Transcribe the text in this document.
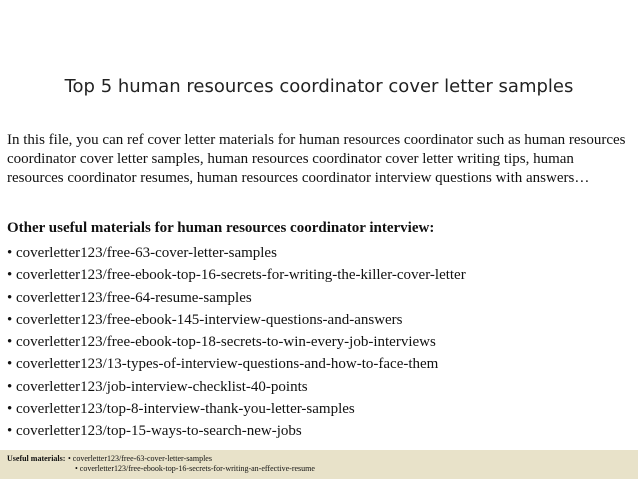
Top 5 human resources coordinator cover letter samples

In this file, you can ref cover letter materials for human resources coordinator such as human resources coordinator cover letter samples, human resources coordinator cover letter writing tips, human resources coordinator resumes, human resources coordinator interview questions with answers…

Other useful materials for human resources coordinator interview:
• coverletter123/free-63-cover-letter-samples
• coverletter123/free-ebook-top-16-secrets-for-writing-the-killer-cover-letter
• coverletter123/free-64-resume-samples
• coverletter123/free-ebook-145-interview-questions-and-answers
• coverletter123/free-ebook-top-18-secrets-to-win-every-job-interviews
• coverletter123/13-types-of-interview-questions-and-how-to-face-them
• coverletter123/job-interview-checklist-40-points
• coverletter123/top-8-interview-thank-you-letter-samples
• coverletter123/top-15-ways-to-search-new-jobs
Useful materials: • coverletter123/free-63-cover-letter-samples
• coverletter123/free-ebook-top-16-secrets-for-writing-an-effective-resume
